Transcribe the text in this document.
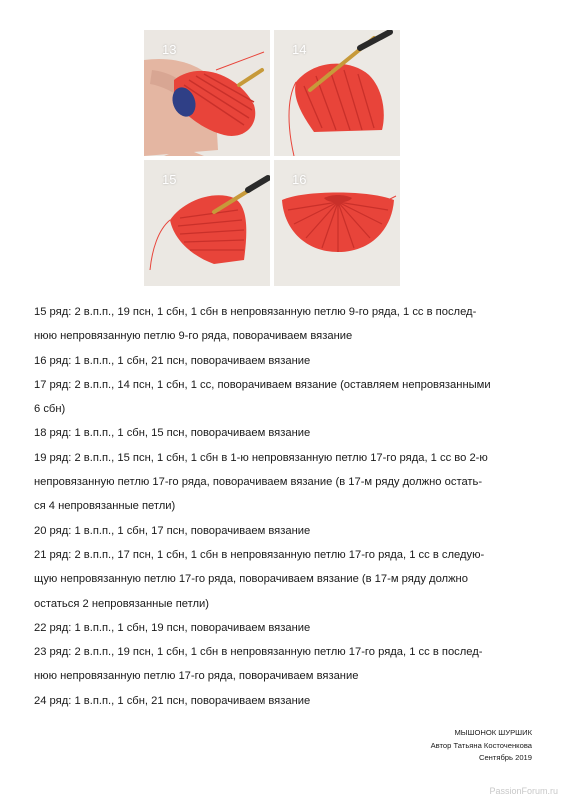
13	14
15	16

15 ряд: 2 в.п.п., 19 псн, 1 сбн, 1 сбн в непровязанную петлю 9-го ряда, 1 сс в послед-

нюю непровязанную петлю 9-го ряда, поворачиваем вязание

16 ряд: 1 в.п.п., 1 сбн, 21 псн, поворачиваем вязание

17 ряд: 2 в.п.п., 14 псн, 1 сбн, 1 сс, поворачиваем вязание (оставляем непровязанными

6 сбн)

18 ряд: 1 в.п.п., 1 сбн, 15 псн, поворачиваем вязание

19 ряд: 2 в.п.п., 15 псн, 1 сбн, 1 сбн в 1-ю непровязанную петлю 17-го ряда, 1 сс во 2-ю

непровязанную петлю 17-го ряда, поворачиваем вязание (в 17-м ряду должно остать-

ся 4 непровязанные петли)

20 ряд: 1 в.п.п., 1 сбн, 17 псн, поворачиваем вязание

21 ряд: 2 в.п.п., 17 псн, 1 сбн, 1 сбн в непровязанную петлю 17-го ряда, 1 сс в следую-

щую непровязанную петлю 17-го ряда, поворачиваем вязание (в 17-м ряду должно

остаться 2 непровязанные петли)

22 ряд: 1 в.п.п., 1 сбн, 19 псн, поворачиваем вязание

23 ряд: 2 в.п.п., 19 псн, 1 сбн, 1 сбн в непровязанную петлю 17-го ряда, 1 сс в послед-

нюю непровязанную петлю 17-го ряда, поворачиваем вязание

24 ряд: 1 в.п.п., 1 сбн, 21 псн, поворачиваем вязание

МЫШОНОК ШУРШИК
Автор Татьяна Косточенкова
Сентябрь 2019
PassionForum.ru
